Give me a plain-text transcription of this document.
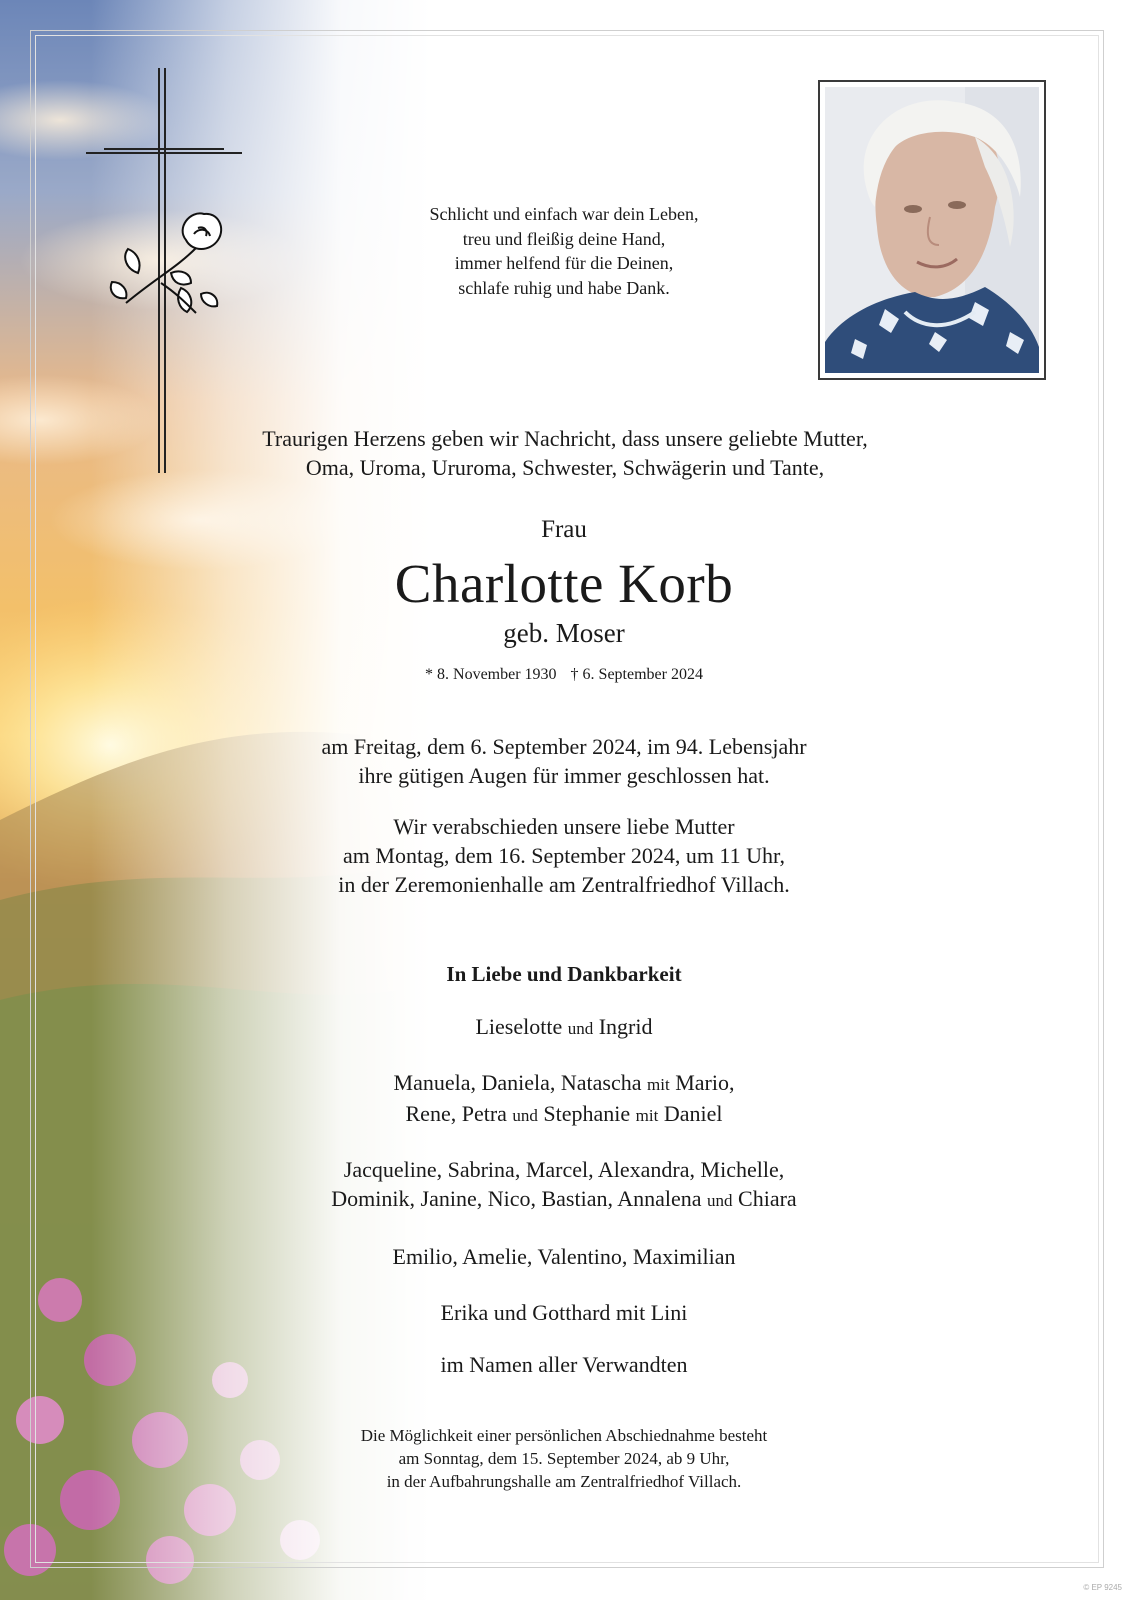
Schlicht und einfach war dein Leben,
treu und fleißig deine Hand,
immer helfend für die Deinen,
schlafe ruhig und habe Dank.
Traurigen Herzens geben wir Nachricht, dass unsere geliebte Mutter,
Oma, Uroma, Ururoma, Schwester, Schwägerin und Tante,
Frau
Charlotte Korb
geb. Moser
* 8. November 1930 † 6. September 2024
am Freitag, dem 6. September 2024, im 94. Lebensjahr
ihre gütigen Augen für immer geschlossen hat.
Wir verabschieden unsere liebe Mutter
am Montag, dem 16. September 2024, um 11 Uhr,
in der Zeremonienhalle am Zentralfriedhof Villach.
In Liebe und Dankbarkeit
Lieselotte und Ingrid
Manuela, Daniela, Natascha mit Mario,
Rene, Petra und Stephanie mit Daniel
Jacqueline, Sabrina, Marcel, Alexandra, Michelle,
Dominik, Janine, Nico, Bastian, Annalena und Chiara
Emilio, Amelie, Valentino, Maximilian
Erika und Gotthard mit Lini
im Namen aller Verwandten
Die Möglichkeit einer persönlichen Abschiednahme besteht
am Sonntag, dem 15. September 2024, ab 9 Uhr,
in der Aufbahrungshalle am Zentralfriedhof Villach.
© EP 9245
